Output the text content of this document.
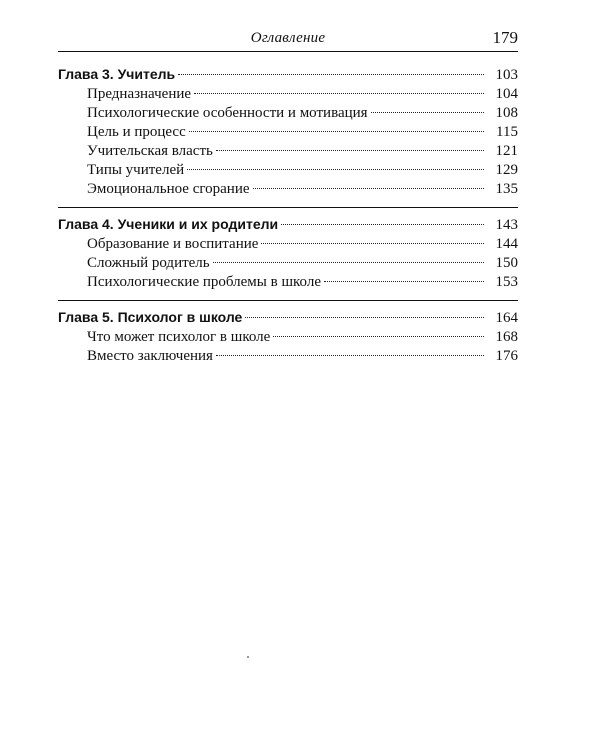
Оглавление	179
Глава 3. Учитель	103
Предназначение	104
Психологические особенности и мотивация	108
Цель и процесс	115
Учительская власть	121
Типы учителей	129
Эмоциональное сгорание	135
Глава 4. Ученики и их родители	143
Образование и воспитание	144
Сложный родитель	150
Психологические проблемы в школе	153
Глава 5. Психолог в школе	164
Что может психолог в школе	168
Вместо заключения	176
